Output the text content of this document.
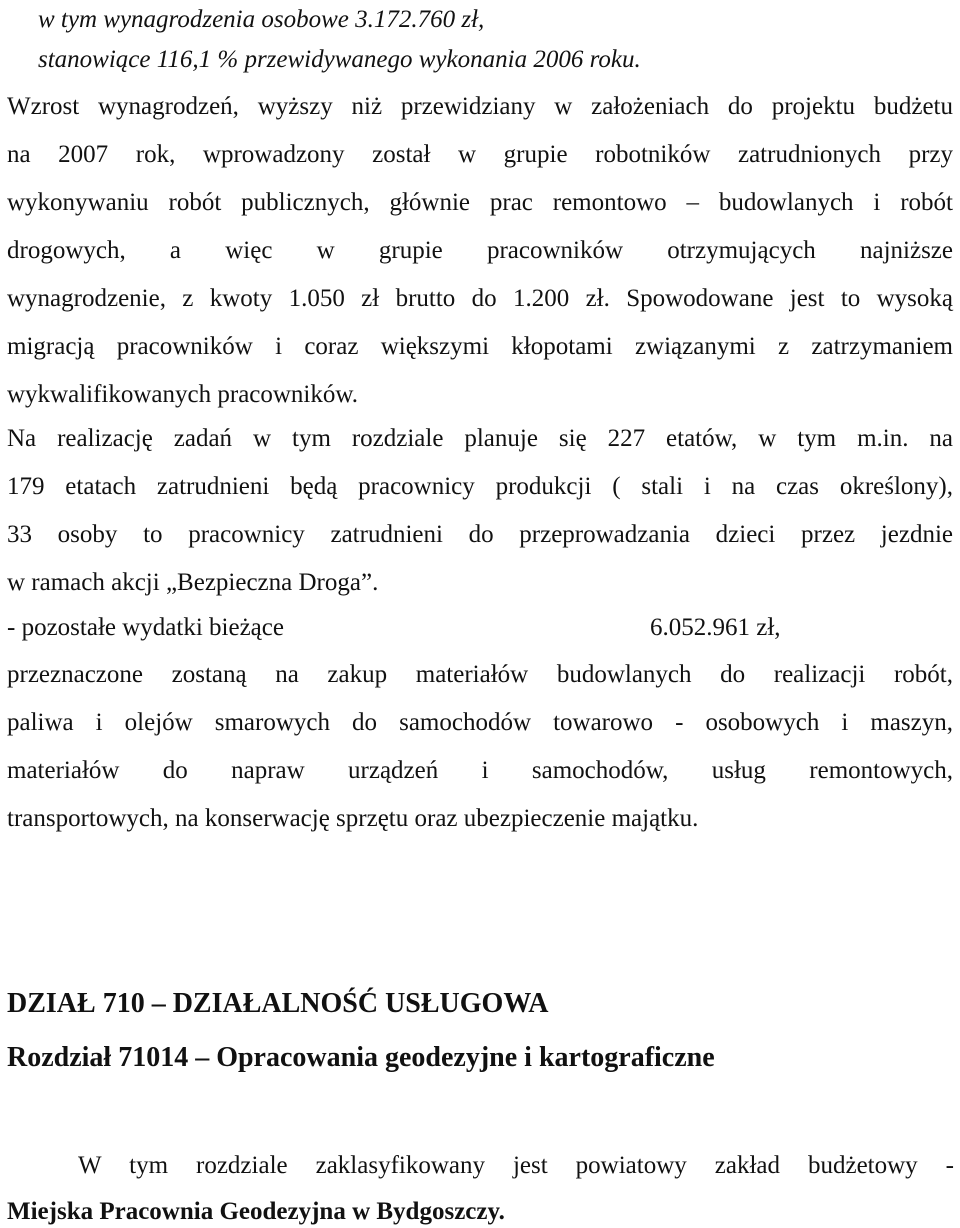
w tym wynagrodzenia osobowe 3.172.760 zł,
stanowiące 116,1 % przewidywanego wykonania 2006 roku.
Wzrost wynagrodzeń, wyższy niż przewidziany w założeniach do projektu budżetu
na 2007 rok, wprowadzony został w grupie robotników zatrudnionych przy
wykonywaniu robót publicznych, głównie prac remontowo – budowlanych i robót
drogowych, a więc w grupie pracowników otrzymujących najniższe
wynagrodzenie, z kwoty 1.050 zł brutto do 1.200 zł. Spowodowane jest to wysoką
migracją pracowników i coraz większymi kłopotami związanymi z zatrzymaniem
wykwalifikowanych pracowników.
Na realizację zadań w tym rozdziale planuje się 227 etatów, w tym m.in. na
179 etatach zatrudnieni będą pracownicy produkcji ( stali i na czas określony),
33 osoby to pracownicy zatrudnieni do przeprowadzania dzieci przez jezdnie
w ramach akcji „Bezpieczna Droga”.
- pozostałe wydatki bieżące	6.052.961 zł,
przeznaczone zostaną na zakup materiałów budowlanych do realizacji robót,
paliwa i olejów smarowych do samochodów towarowo - osobowych i maszyn,
materiałów do napraw urządzeń i samochodów, usług remontowych,
transportowych, na konserwację sprzętu oraz ubezpieczenie majątku.
DZIAŁ 710 – DZIAŁALNOŚĆ USŁUGOWA
Rozdział 71014 – Opracowania geodezyjne i kartograficzne
W tym rozdziale zaklasyfikowany jest powiatowy zakład budżetowy -
Miejska Pracownia Geodezyjna w Bydgoszczy.
